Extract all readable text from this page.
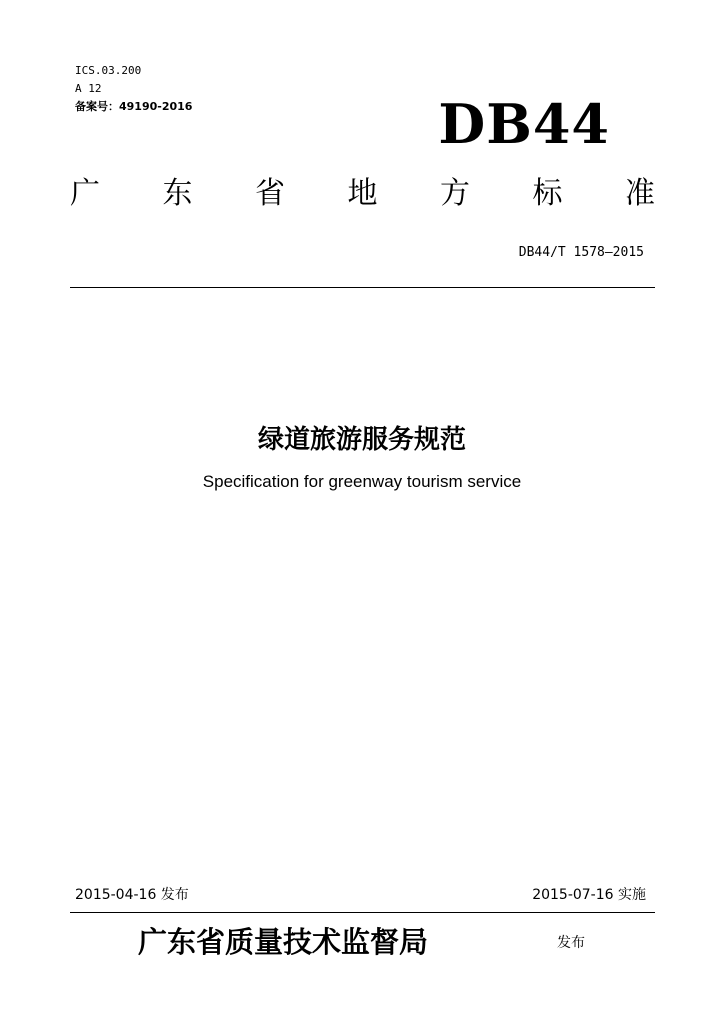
ICS.03.200
A 12
备案号：49190-2016	DB44
广 东 省 地 方 标 准
DB44/T 1578—2015
绿道旅游服务规范
Specification for greenway tourism service
2015-04-16 发布	2015-07-16 实施
广东省质量技术监督局	发布
